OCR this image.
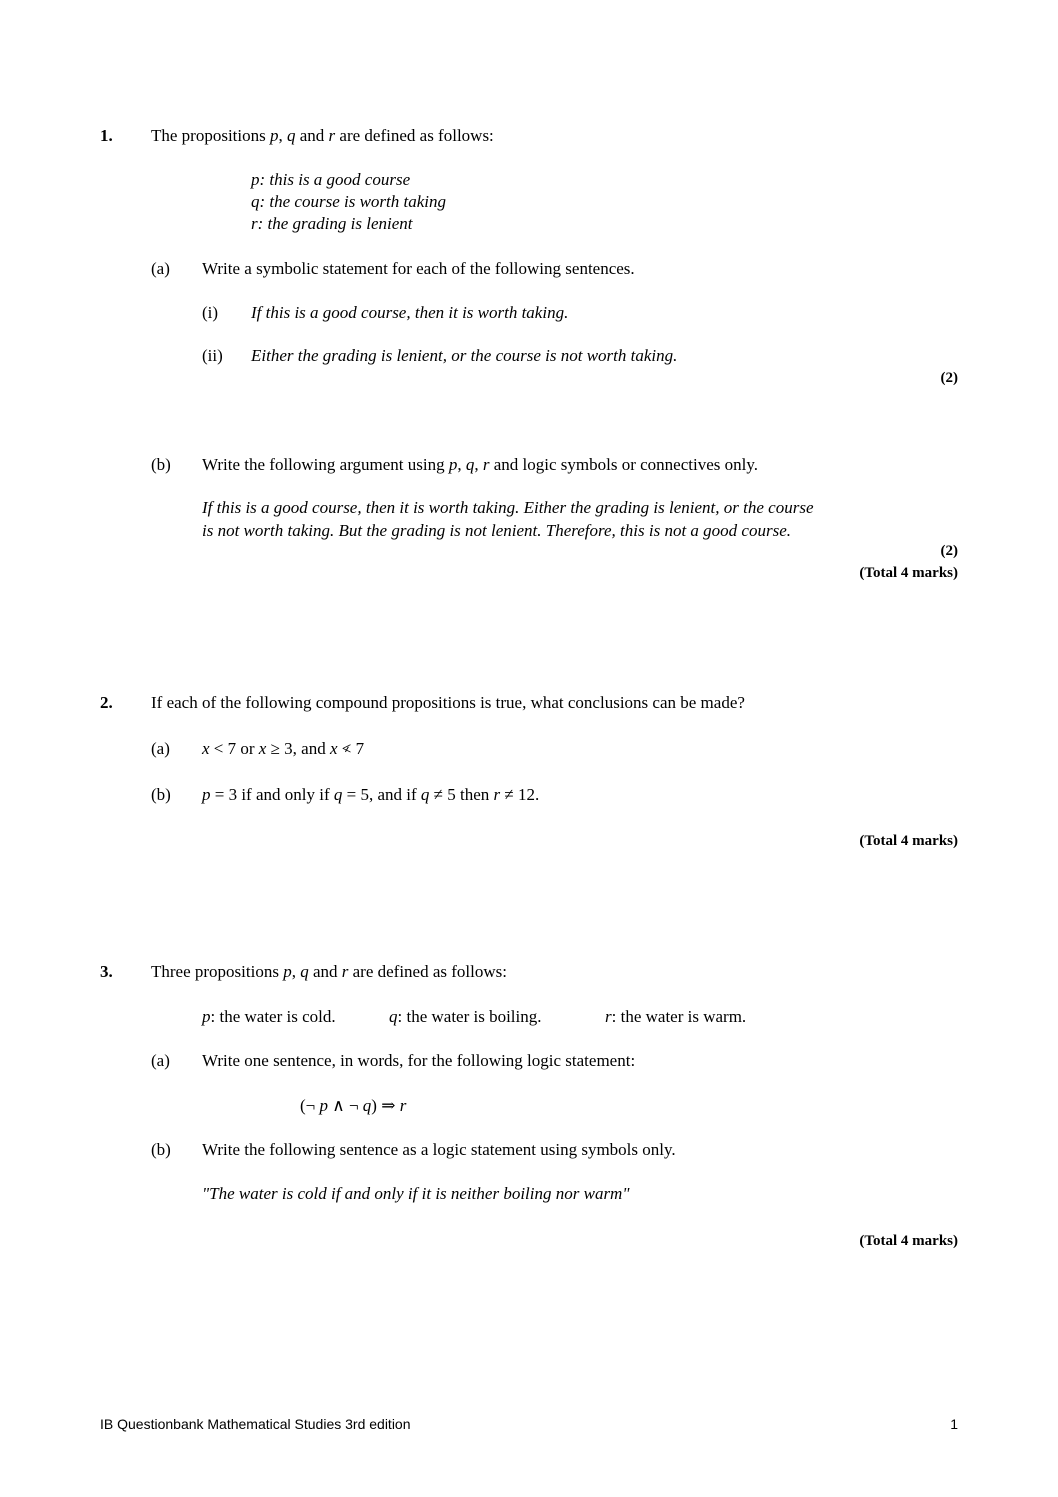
1. The propositions p, q and r are defined as follows:
p: this is a good course
q: the course is worth taking
r: the grading is lenient
(a) Write a symbolic statement for each of the following sentences.
(i) If this is a good course, then it is worth taking.
(ii) Either the grading is lenient, or the course is not worth taking.
(2)
(b) Write the following argument using p, q, r and logic symbols or connectives only.
If this is a good course, then it is worth taking. Either the grading is lenient, or the course
is not worth taking. But the grading is not lenient. Therefore, this is not a good course.
(2)
(Total 4 marks)
2. If each of the following compound propositions is true, what conclusions can be made?
(a) x < 7 or x ≥ 3, and x < 7
(b) p = 3 if and only if q = 5, and if q ≠ 5 then r ≠ 12.
(Total 4 marks)
3. Three propositions p, q and r are defined as follows:
p: the water is cold.	q: the water is boiling.	r: the water is warm.
(a) Write one sentence, in words, for the following logic statement:
(¬ p ∧ ¬ q) ⇒ r
(b) Write the following sentence as a logic statement using symbols only.
"The water is cold if and only if it is neither boiling nor warm"
(Total 4 marks)
IB Questionbank Mathematical Studies 3rd edition	1
